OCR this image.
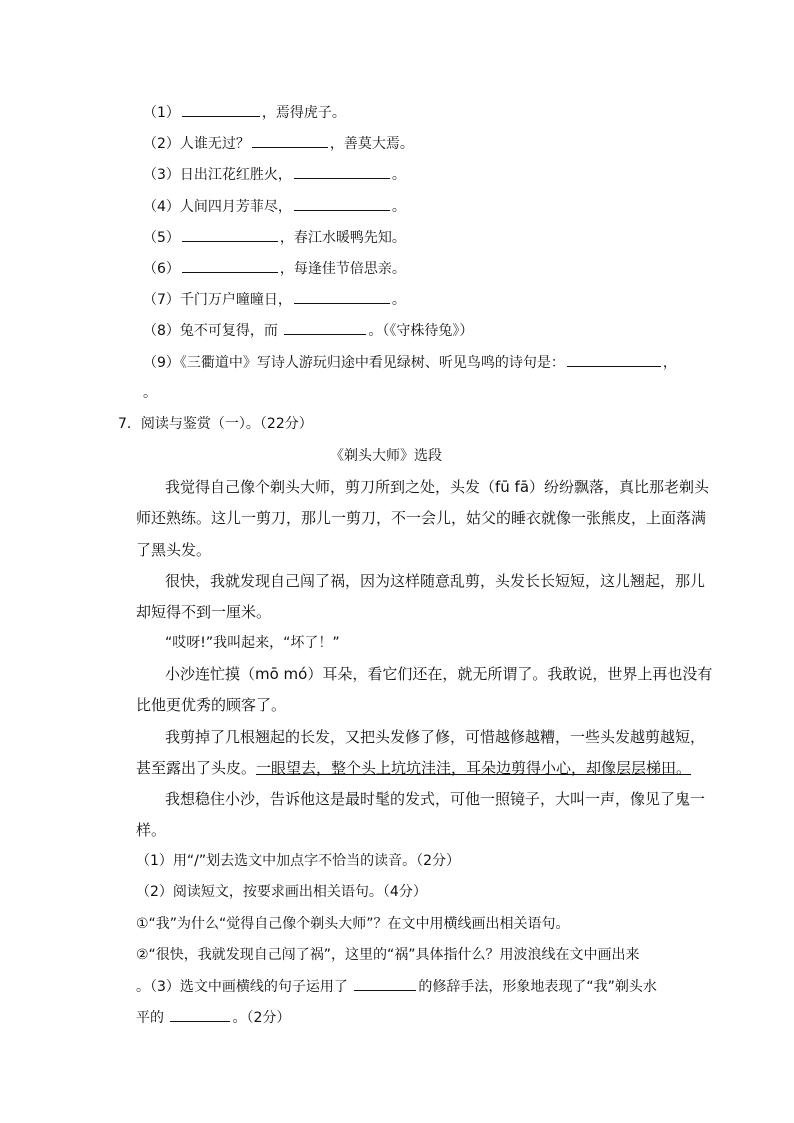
（1）	，焉得虎子。
（2）人谁无过？	，善莫大焉。
（3）日出江花红胜火，	。
（4）人间四月芳菲尽，	。
（5）	，春江水暖鸭先知。
（6）	，每逢佳节倍思亲。
（7）千门万户曈曈日，	。
（8）兔不可复得，而	。（《守株待兔》）
（9）《三衢道中》写诗人游玩归途中看见绿树、听见鸟鸣的诗句是：	，
。
7．阅读与鉴赏（一）。（22分）
《剃头大师》选段
我觉得自己像个剃头大师，剪刀所到之处，头发（fū fā）纷纷飘落，真比那老剃头
师还熟练。这儿一剪刀，那儿一剪刀，不一会儿，姑父的睡衣就像一张熊皮，上面落满
了黑头发。
很快，我就发现自己闯了祸，因为这样随意乱剪，头发长长短短，这儿翘起，那儿
却短得不到一厘米。
“哎呀!”我叫起来，“坏了！”
小沙连忙摸（mō mó）耳朵，看它们还在，就无所谓了。我敢说，世界上再也没有
比他更优秀的顾客了。
我剪掉了几根翘起的长发，又把头发修了修，可惜越修越糟，一些头发越剪越短，
甚至露出了头皮。一眼望去，整个头上坑坑洼洼，耳朵边剪得小心，却像层层梯田。
我想稳住小沙，告诉他这是最时髦的发式，可他一照镜子，大叫一声，像见了鬼一
样。
（1）用“/”划去选文中加点字不恰当的读音。（2分）
（2）阅读短文，按要求画出相关语句。（4分）
①“我”为什么“觉得自己像个剃头大师”？在文中用横线画出相关语句。
②“很快，我就发现自己闯了祸”，这里的“祸”具体指什么？用波浪线在文中画出来
。（3）选文中画横线的句子运用了	的修辞手法，形象地表现了“我”剃头水
平的	。（2分）
